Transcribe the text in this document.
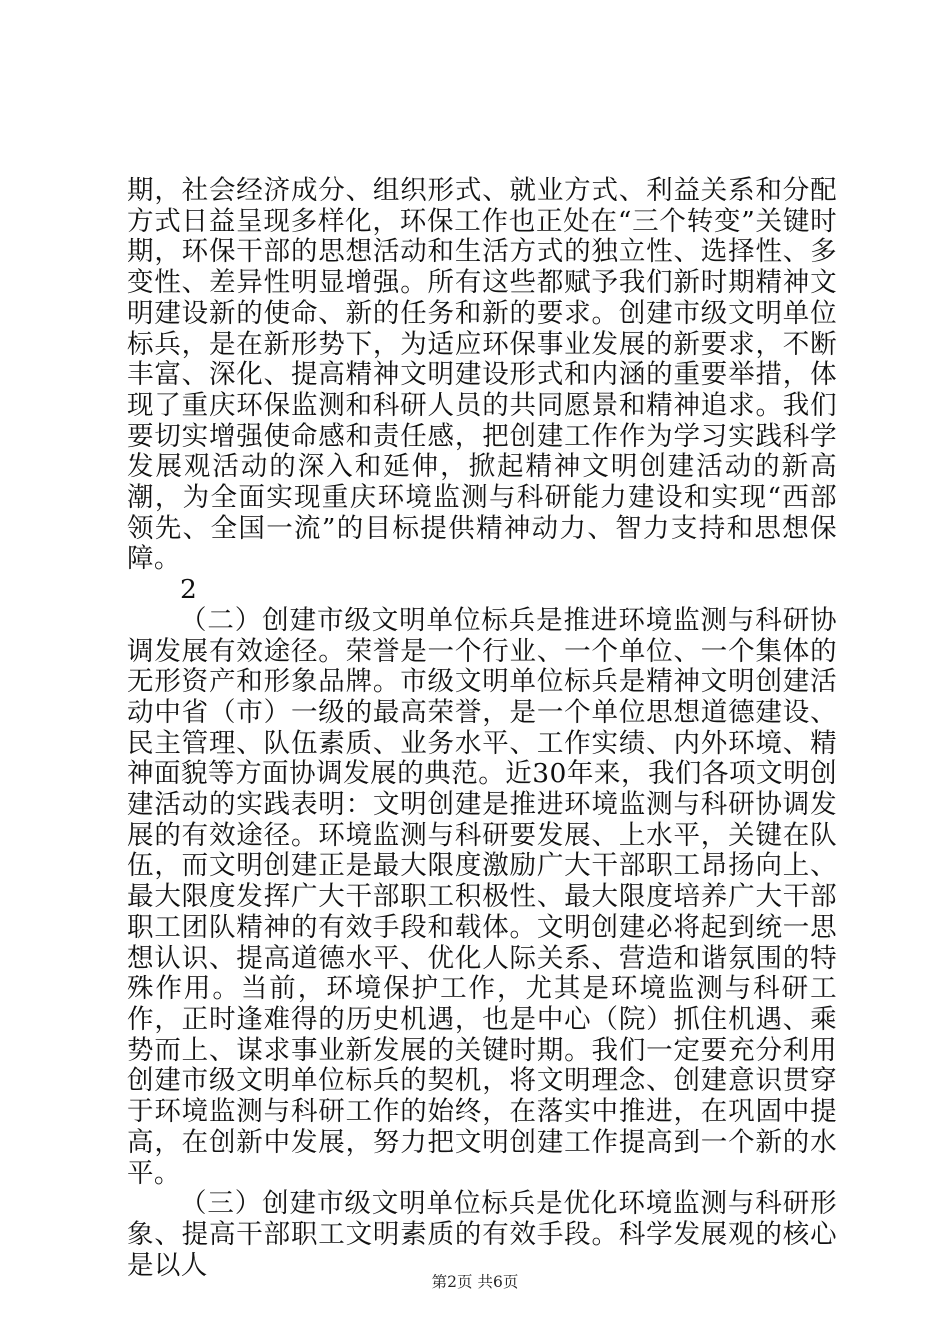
期，社会经济成分、组织形式、就业方式、利益关系和分配方式日益呈现多样化，环保工作也正处在“三个转变”关键时期，环保干部的思想活动和生活方式的独立性、选择性、多变性、差异性明显增强。所有这些都赋予我们新时期精神文明建设新的使命、新的任务和新的要求。创建市级文明单位标兵，是在新形势下，为适应环保事业发展的新要求，不断丰富、深化、提高精神文明建设形式和内涵的重要举措，体现了重庆环保监测和科研人员的共同愿景和精神追求。我们要切实增强使命感和责任感，把创建工作作为学习实践科学发展观活动的深入和延伸，掀起精神文明创建活动的新高潮，为全面实现重庆环境监测与科研能力建设和实现“西部领先、全国一流”的目标提供精神动力、智力支持和思想保障。

2

（二）创建市级文明单位标兵是推进环境监测与科研协调发展有效途径。荣誉是一个行业、一个单位、一个集体的无形资产和形象品牌。市级文明单位标兵是精神文明创建活动中省（市）一级的最高荣誉，是一个单位思想道德建设、民主管理、队伍素质、业务水平、工作实绩、内外环境、精神面貌等方面协调发展的典范。近30年来，我们各项文明创建活动的实践表明：文明创建是推进环境监测与科研协调发展的有效途径。环境监测与科研要发展、上水平，关键在队伍，而文明创建正是最大限度激励广大干部职工昂扬向上、最大限度发挥广大干部职工积极性、最大限度培养广大干部职工团队精神的有效手段和载体。文明创建必将起到统一思想认识、提高道德水平、优化人际关系、营造和谐氛围的特殊作用。当前，环境保护工作，尤其是环境监测与科研工作，正时逢难得的历史机遇，也是中心（院）抓住机遇、乘势而上、谋求事业新发展的关键时期。我们一定要充分利用创建市级文明单位标兵的契机，将文明理念、创建意识贯穿于环境监测与科研工作的始终，在落实中推进，在巩固中提高，在创新中发展，努力把文明创建工作提高到一个新的水平。

（三）创建市级文明单位标兵是优化环境监测与科研形象、提高干部职工文明素质的有效手段。科学发展观的核心是以人

第2页 共6页
